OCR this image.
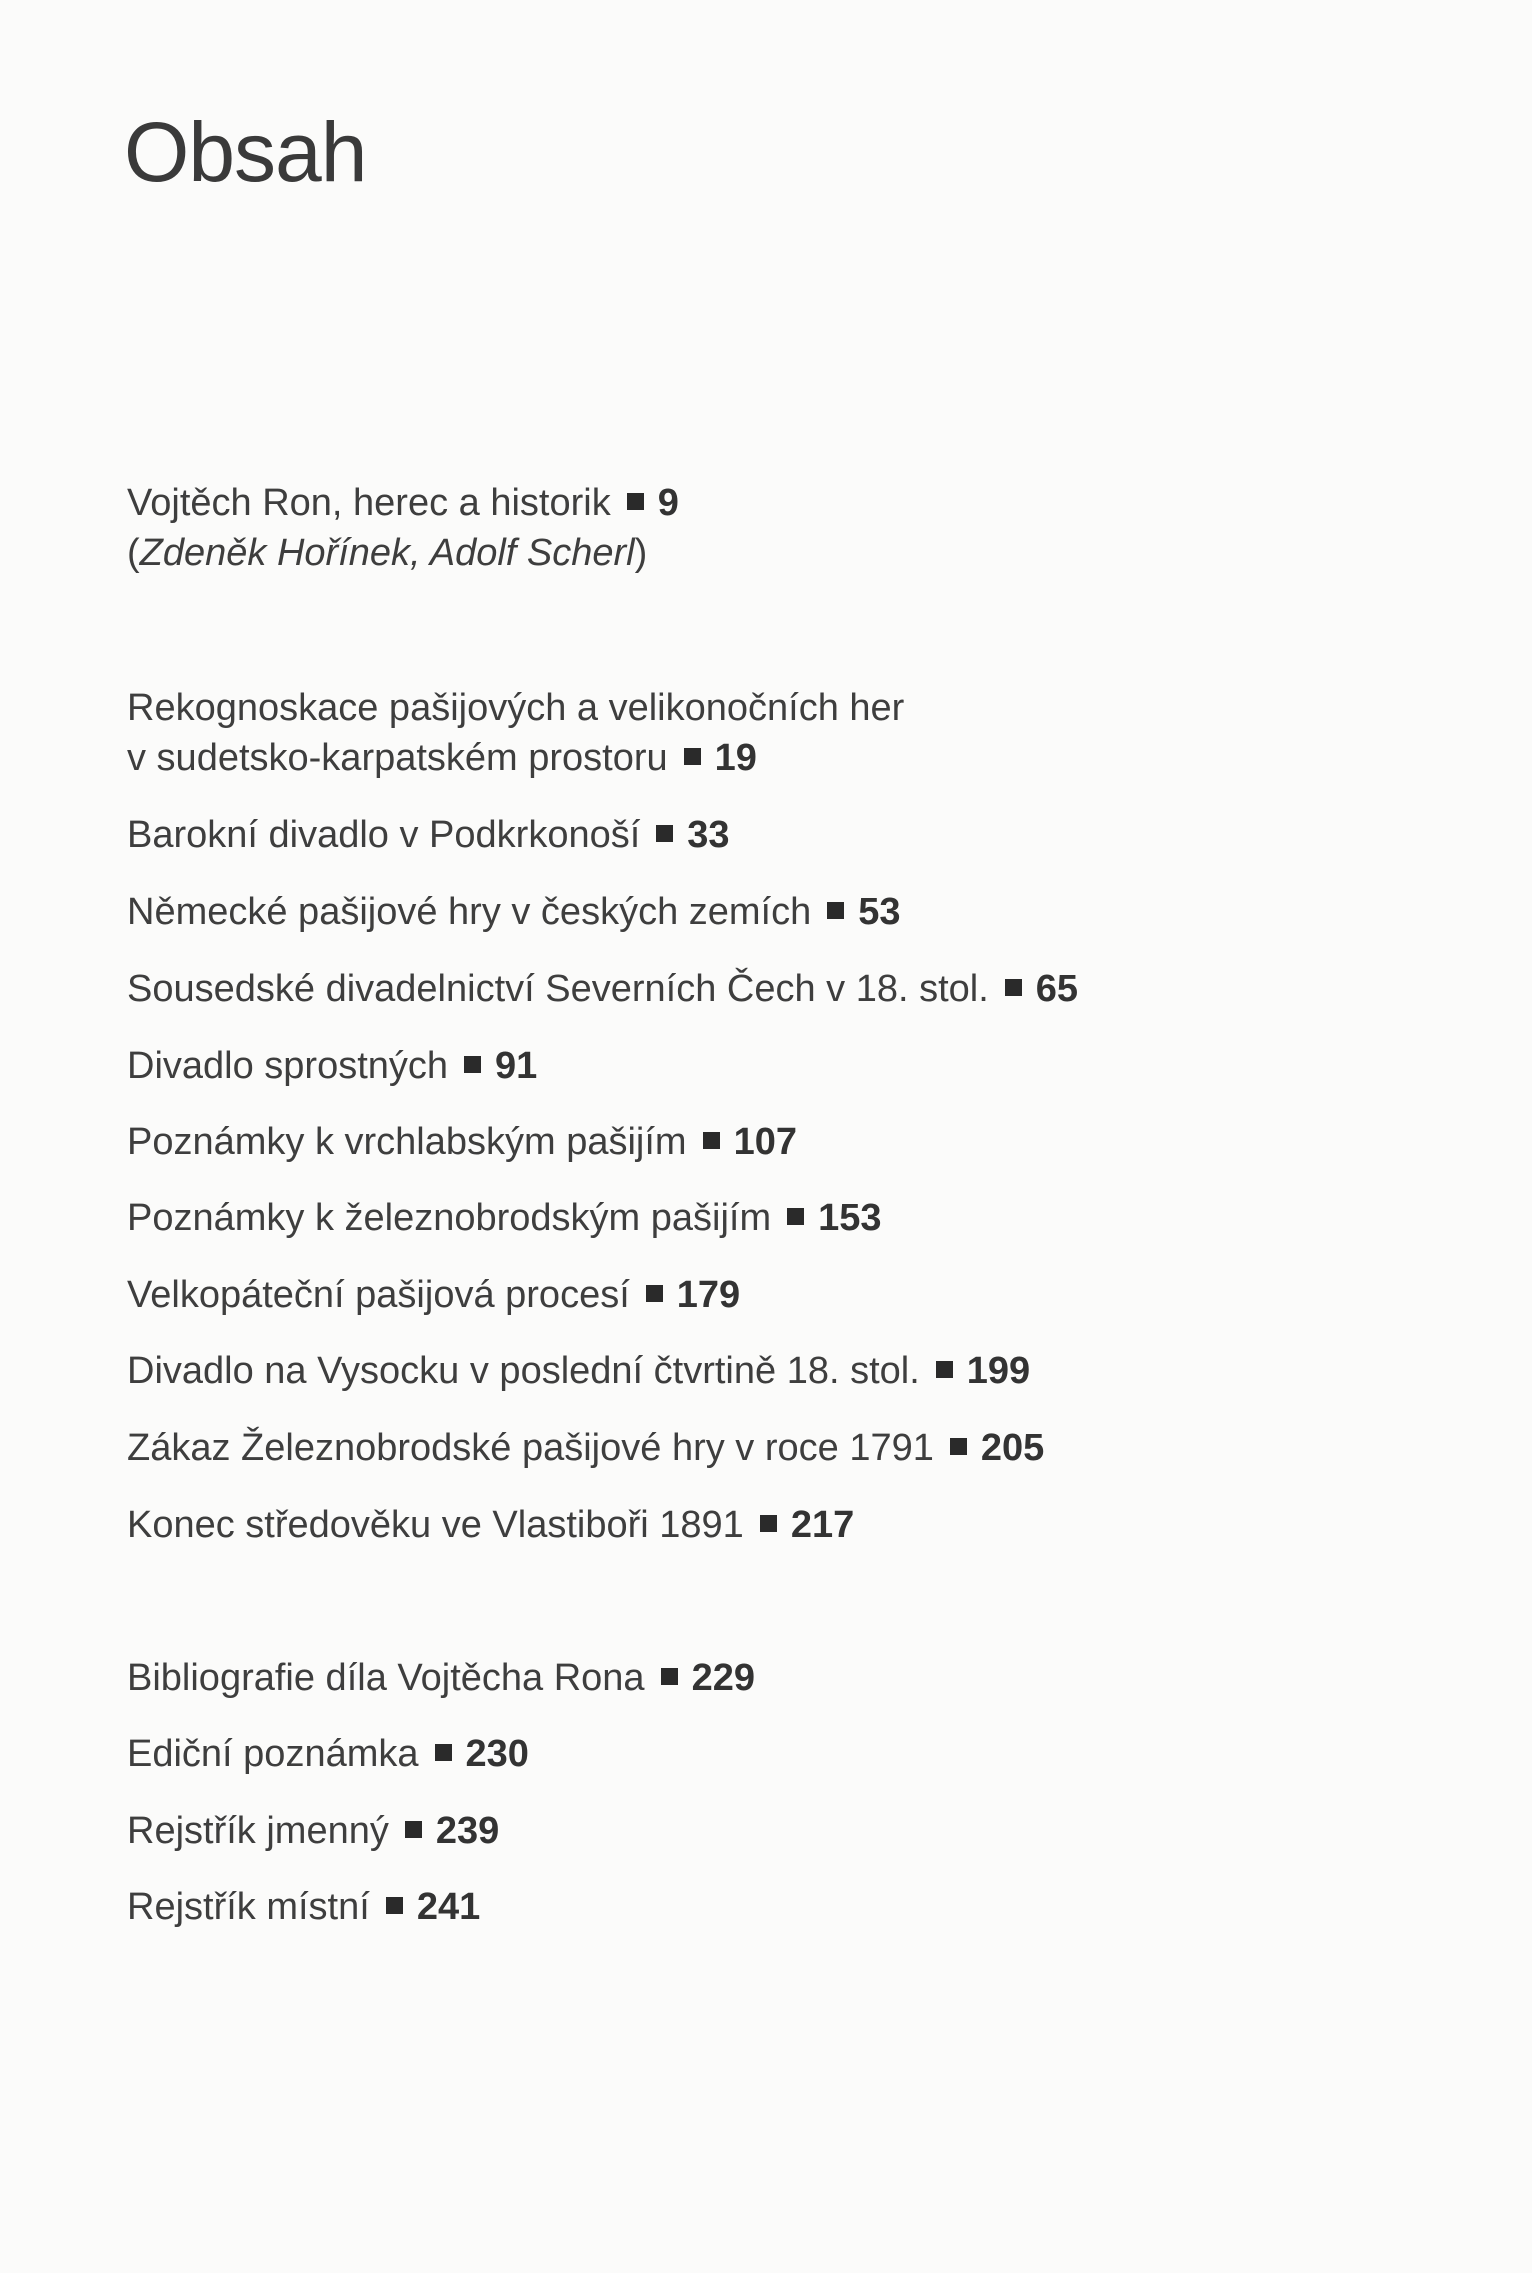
Obsah
Vojtěch Ron, herec a historik 9
(Zdeněk Hořínek, Adolf Scherl)
Rekognoskace pašijových a velikonočních her
v sudetsko-karpatském prostoru 19
Barokní divadlo v Podkrkonoší 33
Německé pašijové hry v českých zemích 53
Sousedské divadelnictví Severních Čech v 18. stol. 65
Divadlo sprostných 91
Poznámky k vrchlabským pašijím 107
Poznámky k železnobrodským pašijím 153
Velkopáteční pašijová procesí 179
Divadlo na Vysocku v poslední čtvrtině 18. stol. 199
Zákaz Železnobrodské pašijové hry v roce 1791 205
Konec středověku ve Vlastiboři 1891 217
Bibliografie díla Vojtěcha Rona 229
Ediční poznámka 230
Rejstřík jmenný 239
Rejstřík místní 241
